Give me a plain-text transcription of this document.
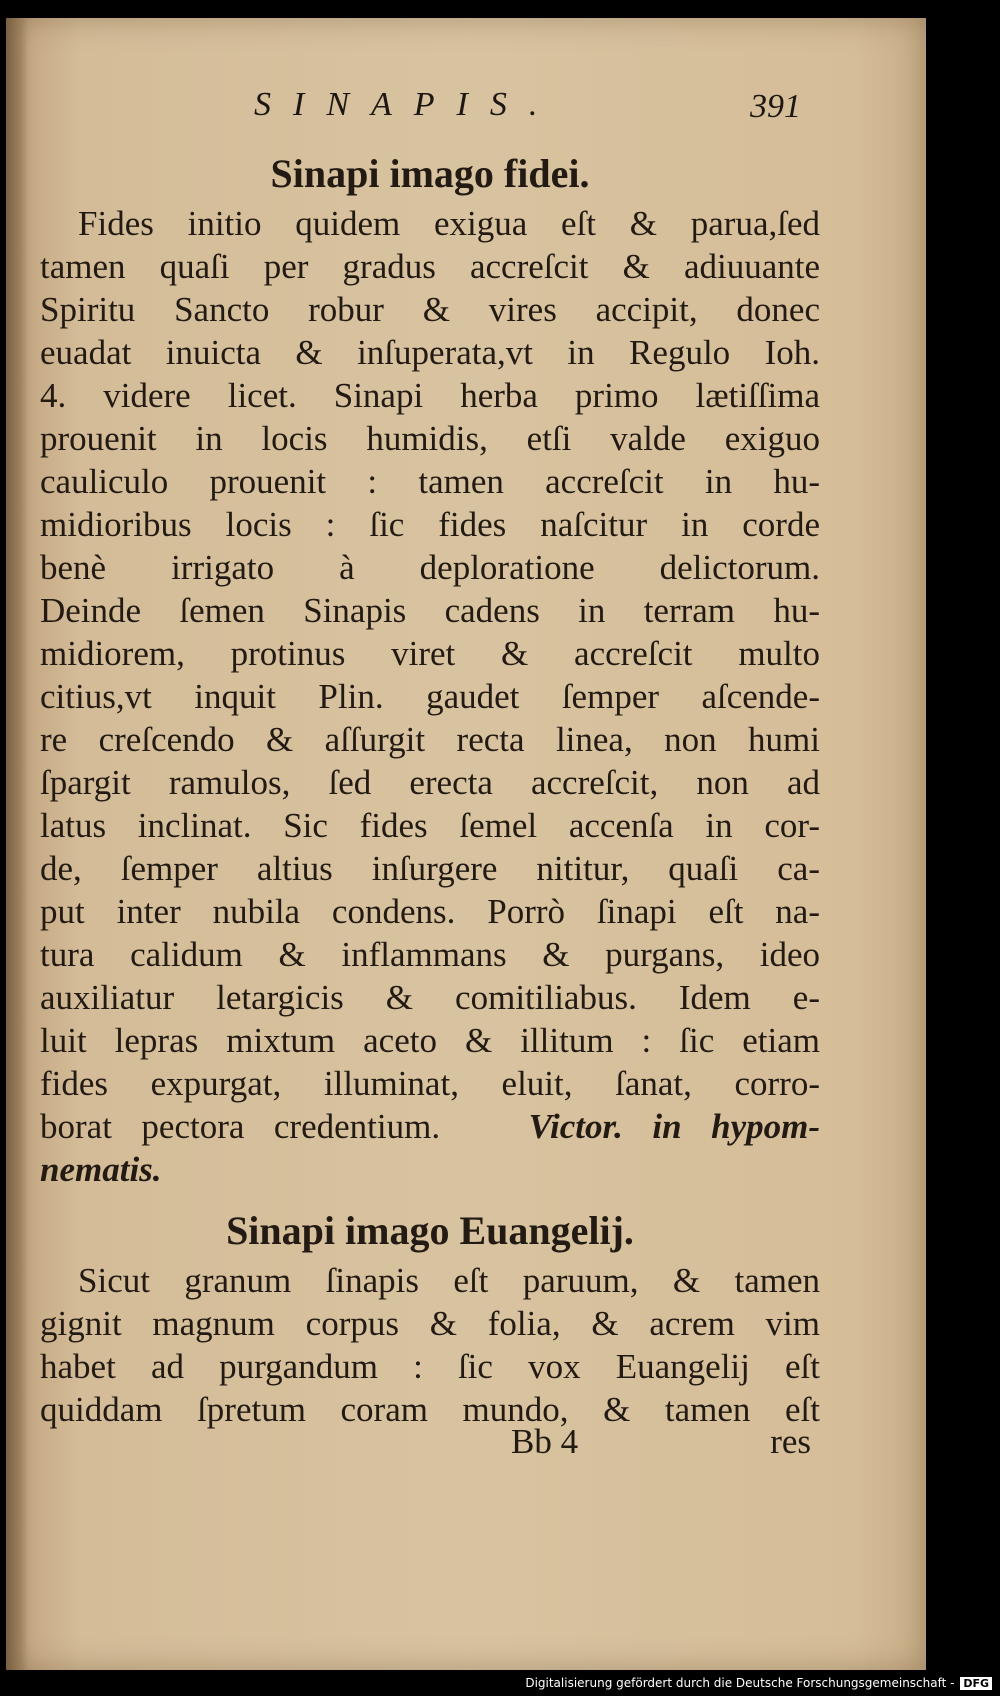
SINAPIS.	391
Sinapi imago fidei.
Fides initio quidem exigua eſt & parua,ſed
tamen quaſi per gradus accreſcit & adiuuante
Spiritu Sancto robur & vires accipit, donec
euadat inuicta & inſuperata,vt in Regulo Ioh.
4. videre licet. Sinapi herba primo lætiſſima
prouenit in locis humidis, etſi valde exiguo
cauliculo prouenit : tamen accreſcit in hu-
midioribus locis : ſic fides naſcitur in corde
benè irrigato à deploratione delictorum.
Deinde ſemen Sinapis cadens in terram hu-
midiorem, protinus viret & accreſcit multo
citius,vt inquit Plin. gaudet ſemper aſcende-
re creſcendo & aſſurgit recta linea, non humi
ſpargit ramulos, ſed erecta accreſcit, non ad
latus inclinat. Sic fides ſemel accenſa in cor-
de, ſemper altius inſurgere nititur, quaſi ca-
put inter nubila condens. Porrò ſinapi eſt na-
tura calidum & inflammans & purgans, ideo
auxiliatur letargicis & comitiliabus. Idem e-
luit lepras mixtum aceto & illitum : ſic etiam
fides expurgat, illuminat, eluit, ſanat, corro-
borat pectora credentium.	Victor. in hypom-
nematis.
Sinapi imago Euangelij.
Sicut granum ſinapis eſt paruum, & tamen
gignit magnum corpus & folia, & acrem vim
habet ad purgandum : ſic vox Euangelij eſt
quiddam ſpretum coram mundo, & tamen eſt
Bb 4	res
Digitalisierung gefördert durch die Deutsche Forschungsgemeinschaft - DFG
